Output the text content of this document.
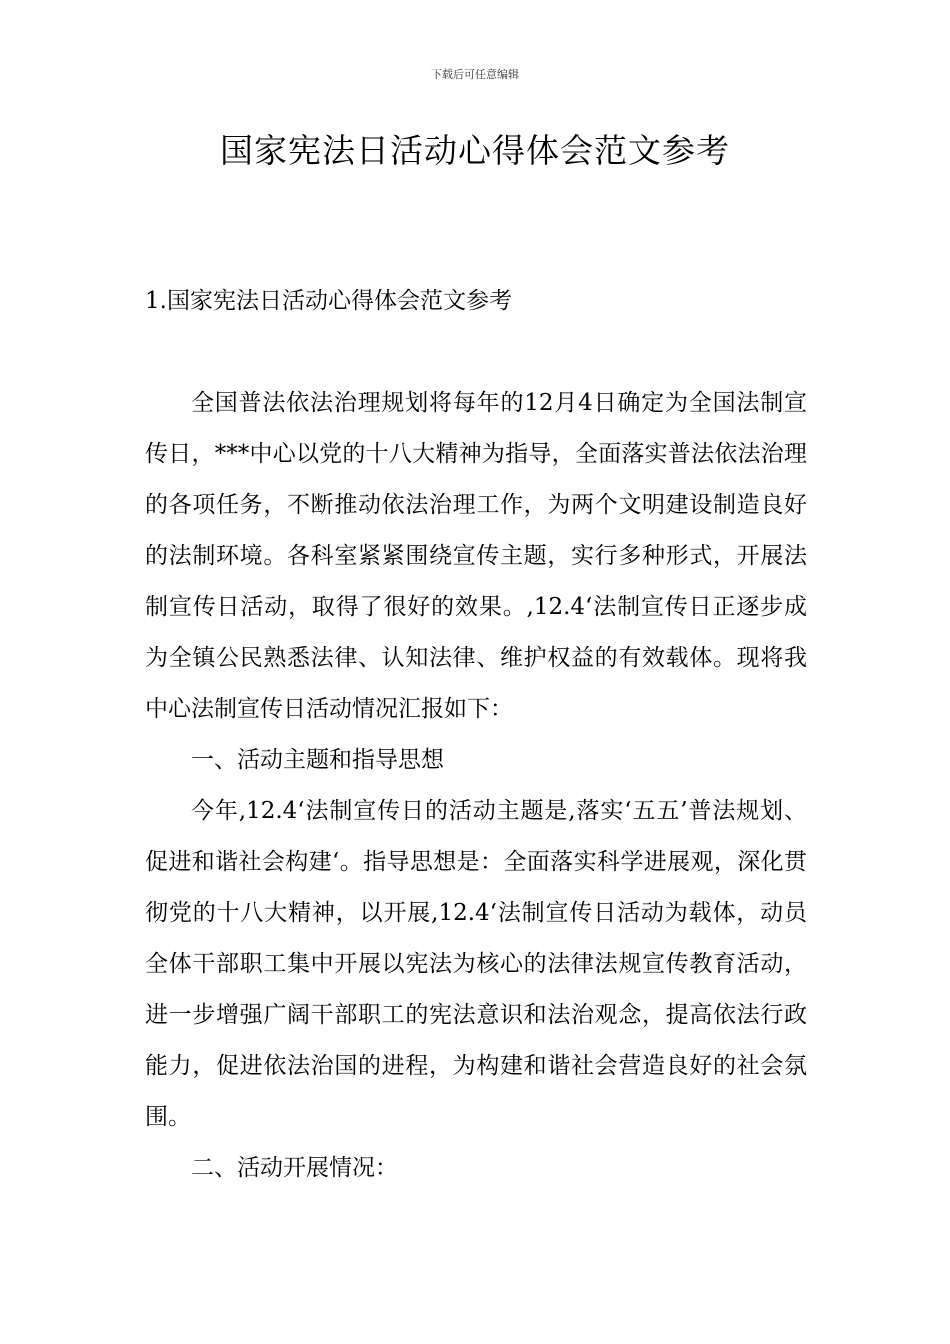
下载后可任意编辑
国家宪法日活动心得体会范文参考

1.国家宪法日活动心得体会范文参考

全国普法依法治理规划将每年的12月4日确定为全国法制宣传日，***中心以党的十八大精神为指导，全面落实普法依法治理的各项任务，不断推动依法治理工作，为两个文明建设制造良好的法制环境。各科室紧紧围绕宣传主题，实行多种形式，开展法制宣传日活动，取得了很好的效果。,12.4‘法制宣传日正逐步成为全镇公民熟悉法律、认知法律、维护权益的有效载体。现将我中心法制宣传日活动情况汇报如下：

一、活动主题和指导思想

今年,12.4‘法制宣传日的活动主题是,落实‘五五’普法规划、促进和谐社会构建‘。指导思想是：全面落实科学进展观，深化贯彻党的十八大精神，以开展,12.4‘法制宣传日活动为载体，动员全体干部职工集中开展以宪法为核心的法律法规宣传教育活动，进一步增强广阔干部职工的宪法意识和法治观念，提高依法行政能力，促进依法治国的进程，为构建和谐社会营造良好的社会氛围。

二、活动开展情况：
